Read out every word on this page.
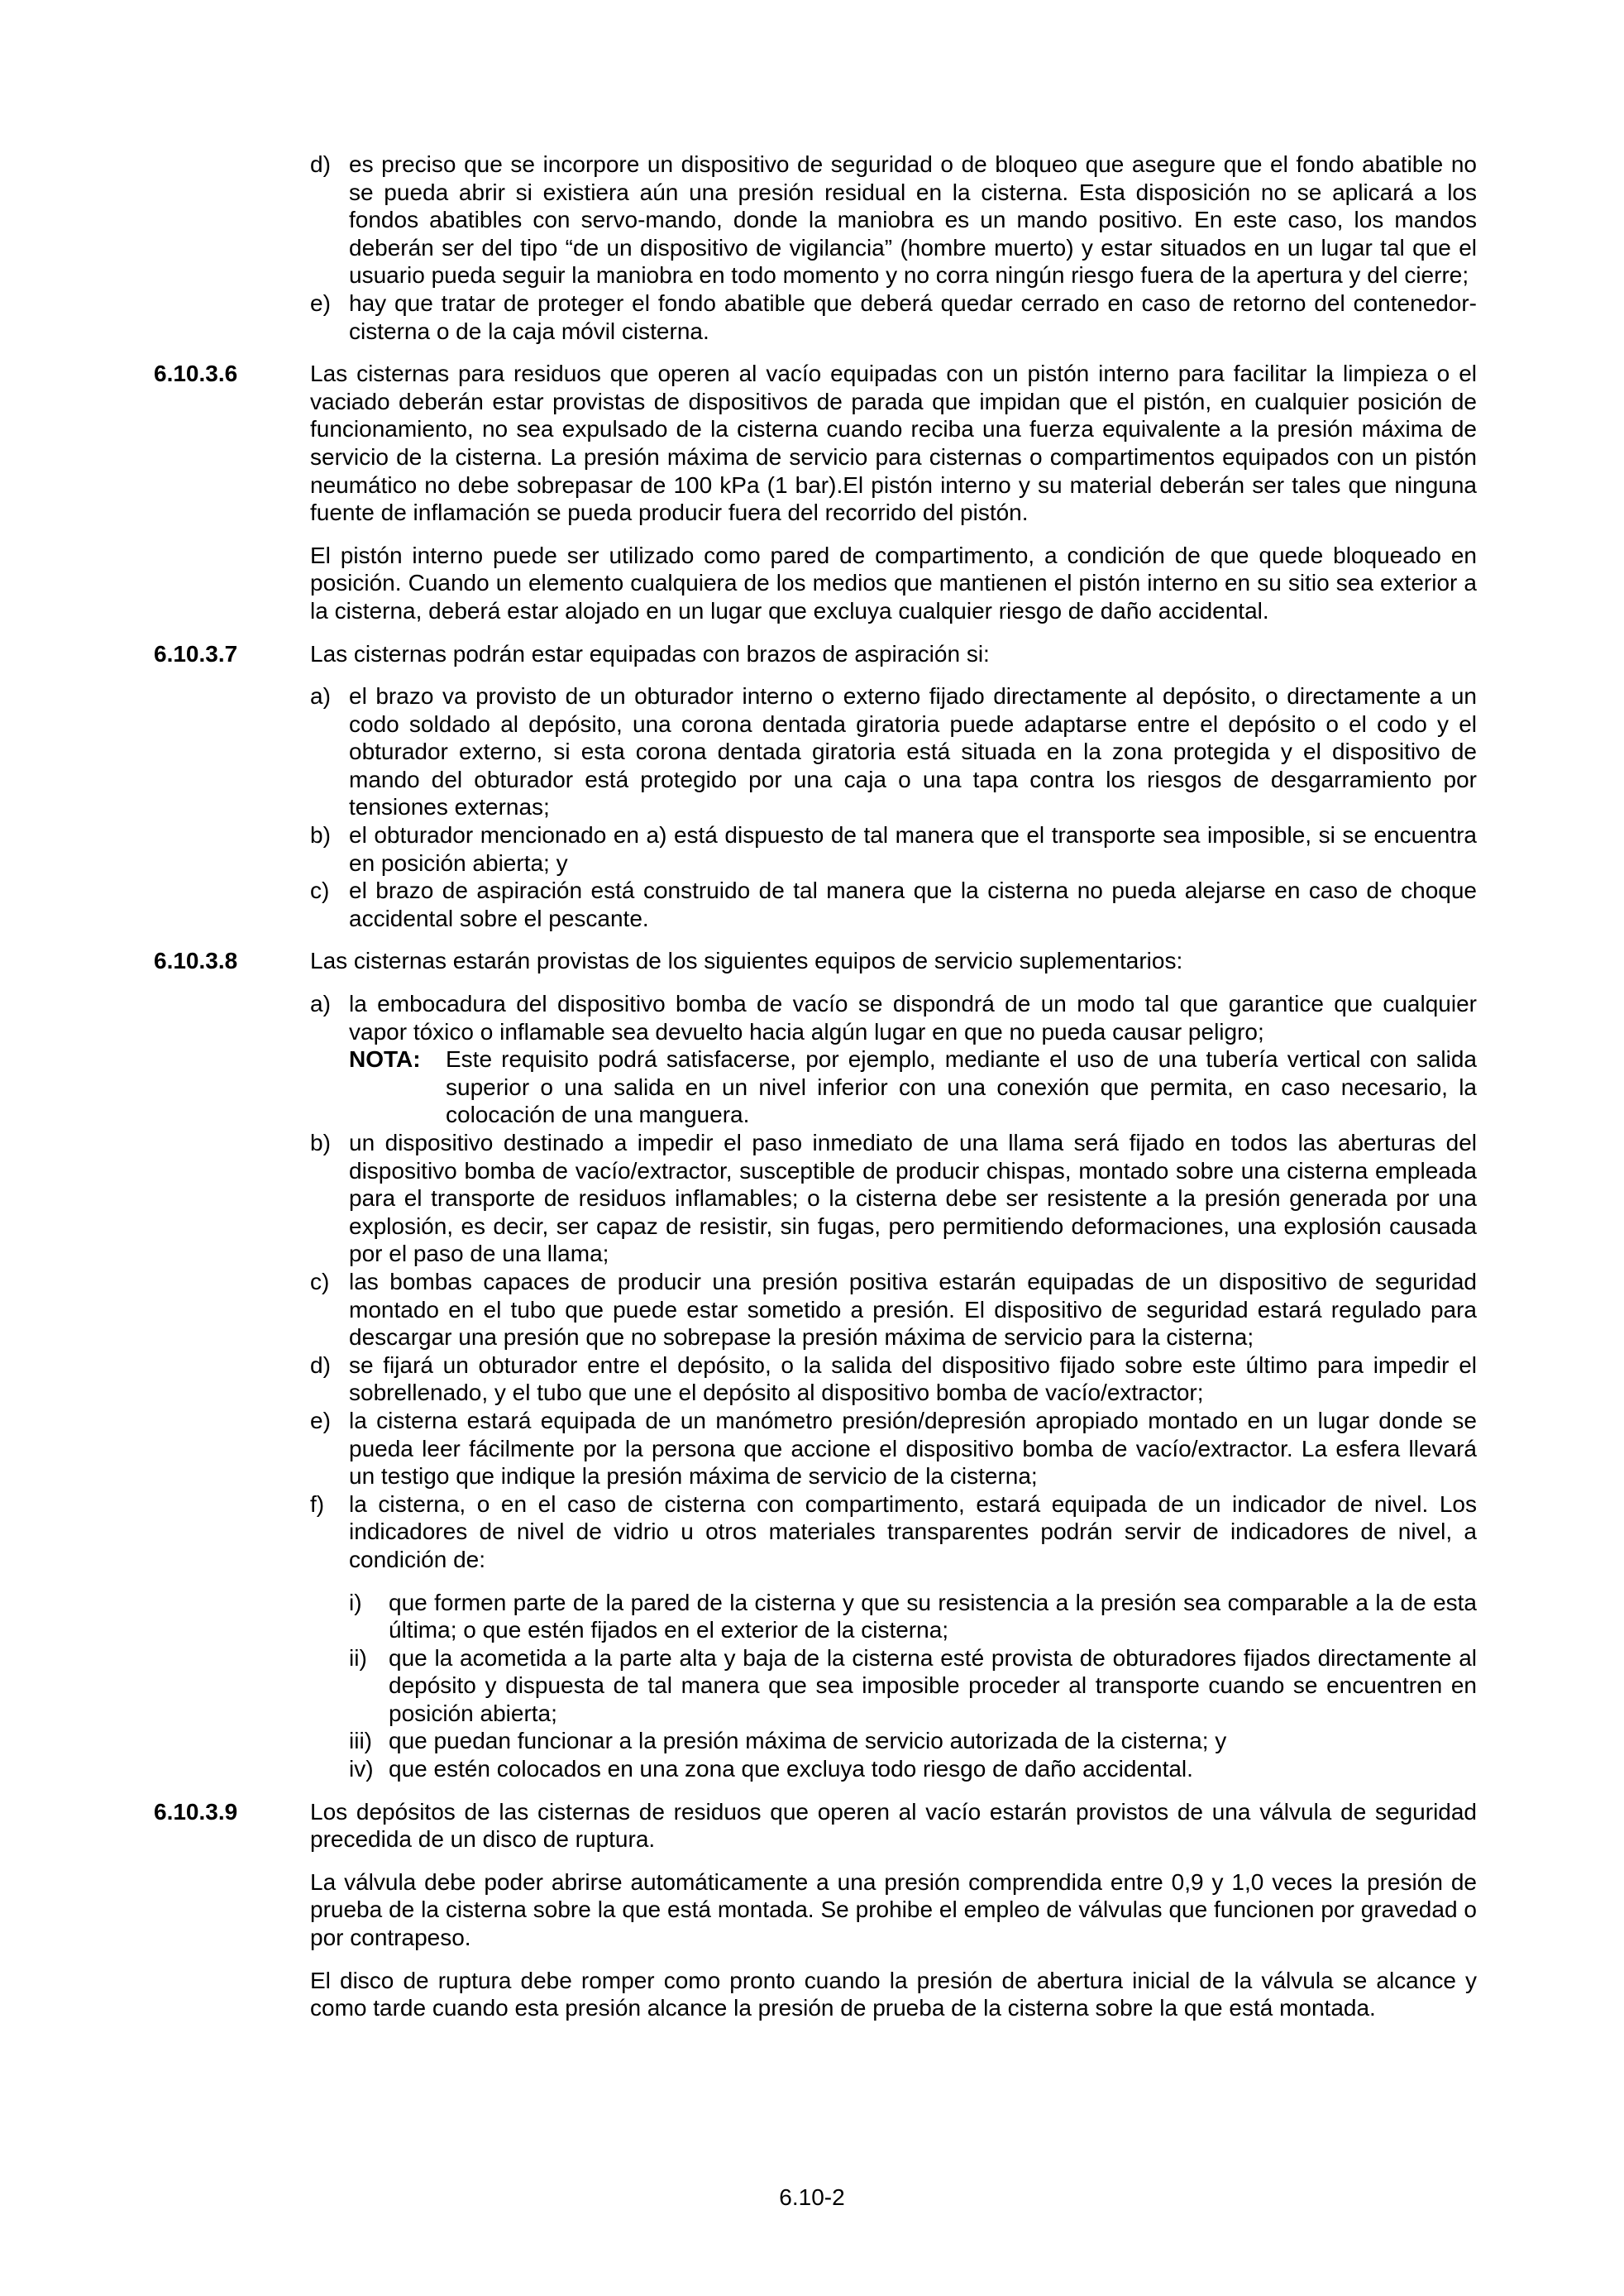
d) es preciso que se incorpore un dispositivo de seguridad o de bloqueo que asegure que el fondo abatible no se pueda abrir si existiera aún una presión residual en la cisterna. Esta disposición no se aplicará a los fondos abatibles con servo-mando, donde la maniobra es un mando positivo. En este caso, los mandos deberán ser del tipo “de un dispositivo de vigilancia” (hombre muerto) y estar situados en un lugar tal que el usuario pueda seguir la maniobra en todo momento y no corra ningún riesgo fuera de la apertura y del cierre;
e) hay que tratar de proteger el fondo abatible que deberá quedar cerrado en caso de retorno del contenedor-cisterna o de la caja móvil cisterna.
6.10.3.6	Las cisternas para residuos que operen al vacío equipadas con un pistón interno para facilitar la limpieza o el vaciado deberán estar provistas de dispositivos de parada que impidan que el pistón, en cualquier posición de funcionamiento, no sea expulsado de la cisterna cuando reciba una fuerza equivalente a la presión máxima de servicio de la cisterna. La presión máxima de servicio para cisternas o compartimentos equipados con un pistón neumático no debe sobrepasar de 100 kPa (1 bar).El pistón interno y su material deberán ser tales que ninguna fuente de inflamación se pueda producir fuera del recorrido del pistón.

El pistón interno puede ser utilizado como pared de compartimento, a condición de que quede bloqueado en posición. Cuando un elemento cualquiera de los medios que mantienen el pistón interno en su sitio sea exterior a la cisterna, deberá estar alojado en un lugar que excluya cualquier riesgo de daño accidental.

6.10.3.7	Las cisternas podrán estar equipadas con brazos de aspiración si:

a) el brazo va provisto de un obturador interno o externo fijado directamente al depósito, o directamente a un codo soldado al depósito, una corona dentada giratoria puede adaptarse entre el depósito o el codo y el obturador externo, si esta corona dentada giratoria está situada en la zona protegida y el dispositivo de mando del obturador está protegido por una caja o una tapa contra los riesgos de desgarramiento por tensiones externas;
b) el obturador mencionado en a) está dispuesto de tal manera que el transporte sea imposible, si se encuentra en posición abierta; y
c) el brazo de aspiración está construido de tal manera que la cisterna no pueda alejarse en caso de choque accidental sobre el pescante.
6.10.3.8	Las cisternas estarán provistas de los siguientes equipos de servicio suplementarios:

a) la embocadura del dispositivo bomba de vacío se dispondrá de un modo tal que garantice que cualquier vapor tóxico o inflamable sea devuelto hacia algún lugar en que no pueda causar peligro;
NOTA:	Este requisito podrá satisfacerse, por ejemplo, mediante el uso de una tubería vertical con salida superior o una salida en un nivel inferior con una conexión que permita, en caso necesario, la colocación de una manguera.
b) un dispositivo destinado a impedir el paso inmediato de una llama será fijado en todos las aberturas del dispositivo bomba de vacío/extractor, susceptible de producir chispas, montado sobre una cisterna empleada para el transporte de residuos inflamables; o la cisterna debe ser resistente a la presión generada por una explosión, es decir, ser capaz de resistir, sin fugas, pero permitiendo deformaciones, una explosión causada por el paso de una llama;
c) las bombas capaces de producir una presión positiva estarán equipadas de un dispositivo de seguridad montado en el tubo que puede estar sometido a presión. El dispositivo de seguridad estará regulado para descargar una presión que no sobrepase la presión máxima de servicio para la cisterna;
d) se fijará un obturador entre el depósito, o la salida del dispositivo fijado sobre este último para impedir el sobrellenado, y el tubo que une el depósito al dispositivo bomba de vacío/extractor;
e) la cisterna estará equipada de un manómetro presión/depresión apropiado montado en un lugar donde se pueda leer fácilmente por la persona que accione el dispositivo bomba de vacío/extractor. La esfera llevará un testigo que indique la presión máxima de servicio de la cisterna;
f)	la cisterna, o en el caso de cisterna con compartimento, estará equipada de un indicador de nivel. Los indicadores de nivel de vidrio u otros materiales transparentes podrán servir de indicadores de nivel, a condición de:
i)	que formen parte de la pared de la cisterna y que su resistencia a la presión sea comparable a la de esta última; o que estén fijados en el exterior de la cisterna;
ii) que la acometida a la parte alta y baja de la cisterna esté provista de obturadores fijados directamente al depósito y dispuesta de tal manera que sea imposible proceder al transporte cuando se encuentren en posición abierta;
iii) que puedan funcionar a la presión máxima de servicio autorizada de la cisterna; y
iv) que estén colocados en una zona que excluya todo riesgo de daño accidental.
6.10.3.9	Los depósitos de las cisternas de residuos que operen al vacío estarán provistos de una válvula de seguridad precedida de un disco de ruptura.

La válvula debe poder abrirse automáticamente a una presión comprendida entre 0,9 y 1,0 veces la presión de prueba de la cisterna sobre la que está montada. Se prohibe el empleo de válvulas que funcionen por gravedad o por contrapeso.

El disco de ruptura debe romper como pronto cuando la presión de abertura inicial de la válvula se alcance y como tarde cuando esta presión alcance la presión de prueba de la cisterna sobre la que está montada.

6.10-2
